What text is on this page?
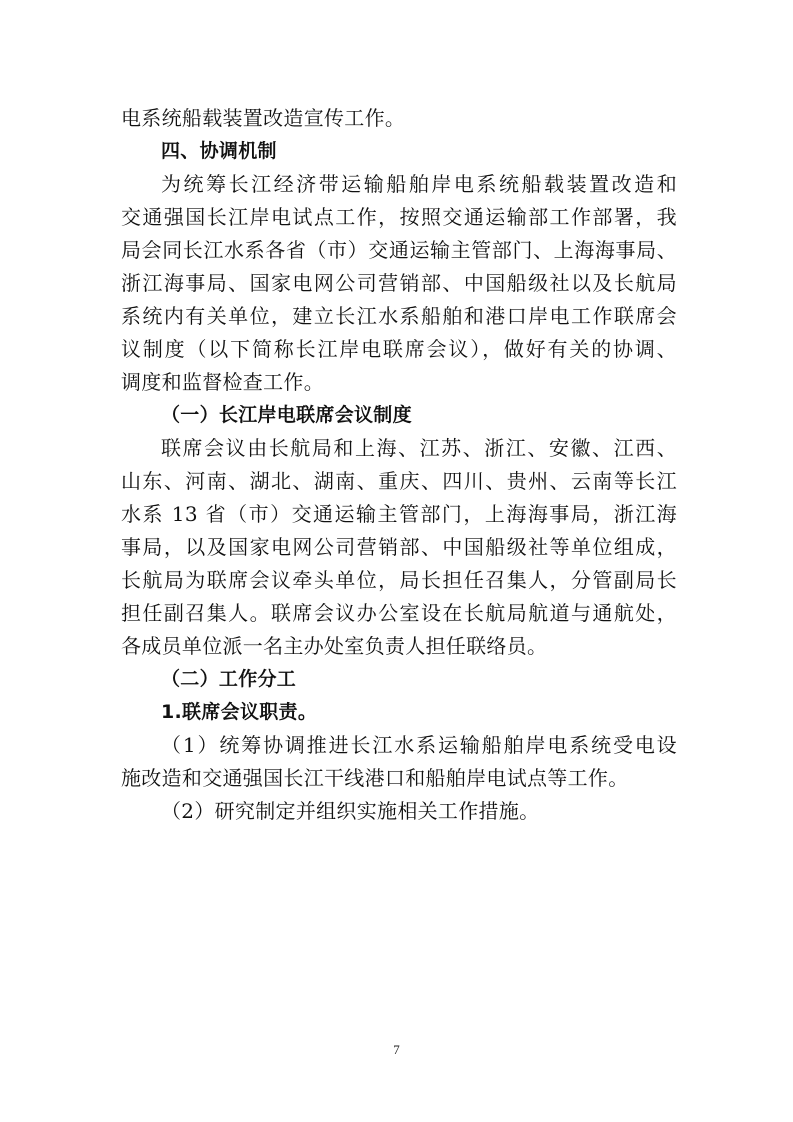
电系统船载装置改造宣传工作。
四、协调机制
为统筹长江经济带运输船舶岸电系统船载装置改造和
交通强国长江岸电试点工作，按照交通运输部工作部署，我
局会同长江水系各省（市）交通运输主管部门、上海海事局、
浙江海事局、国家电网公司营销部、中国船级社以及长航局
系统内有关单位，建立长江水系船舶和港口岸电工作联席会
议制度（以下简称长江岸电联席会议），做好有关的协调、
调度和监督检查工作。
（一）长江岸电联席会议制度
联席会议由长航局和上海、江苏、浙江、安徽、江西、
山东、河南、湖北、湖南、重庆、四川、贵州、云南等长江
水系 13 省（市）交通运输主管部门，上海海事局，浙江海
事局，以及国家电网公司营销部、中国船级社等单位组成，
长航局为联席会议牵头单位，局长担任召集人，分管副局长
担任副召集人。联席会议办公室设在长航局航道与通航处，
各成员单位派一名主办处室负责人担任联络员。
（二）工作分工
1.联席会议职责。
（1）统筹协调推进长江水系运输船舶岸电系统受电设
施改造和交通强国长江干线港口和船舶岸电试点等工作。
（2）研究制定并组织实施相关工作措施。
7
